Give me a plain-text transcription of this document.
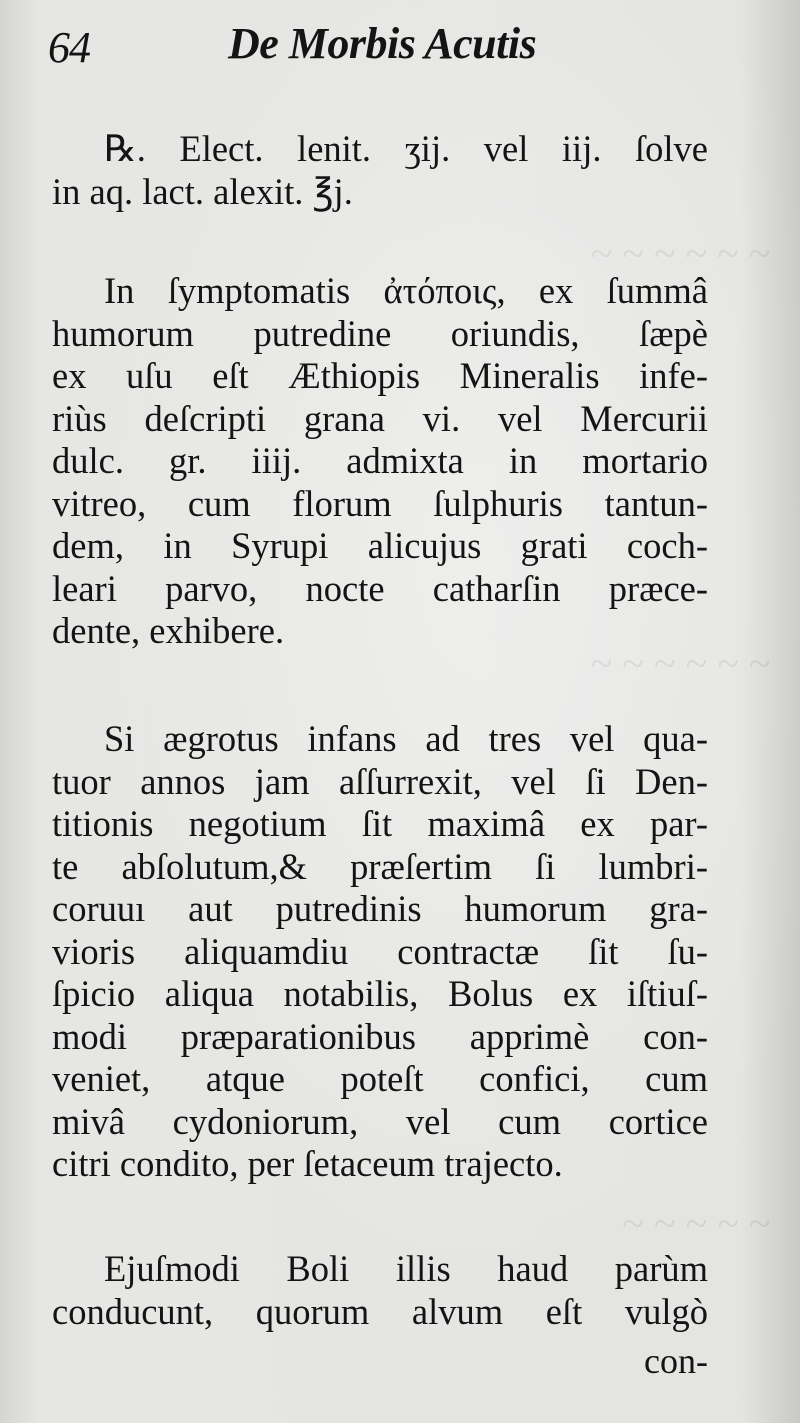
~ ~ ~ ~ ~ ~
~ ~ ~ ~ ~ ~
~ ~ ~ ~ ~
64	De Morbis Acutis
℞. Elect. lenit. ʒij. vel iij. ſolve
in aq. lact. alexit. ℥j.
In ſymptomatis ἀτόποις, ex ſummâ
humorum putredine oriundis, ſæpè
ex uſu eſt Æthiopis Mineralis infe-
riùs deſcripti grana vi. vel Mercurii
dulc. gr. iiij. admixta in mortario
vitreo, cum florum ſulphuris tantun-
dem, in Syrupi alicujus grati coch-
leari parvo, nocte catharſin præce-
dente, exhibere.
Si ægrotus infans ad tres vel qua-
tuor annos jam aſſurrexit, vel ſi Den-
titionis negotium ſit maximâ ex par-
te abſolutum,& præſertim ſi lumbri-
coruuı aut putredinis humorum gra-
vioris aliquamdiu contractæ ſit ſu-
ſpicio aliqua notabilis, Bolus ex iſtiuſ-
modi præparationibus apprimè con-
veniet, atque poteſt confici, cum
mivâ cydoniorum, vel cum cortice
citri condito, per ſetaceum trajecto.
Ejuſmodi Boli illis haud parùm
conducunt, quorum alvum eſt vulgò
con-
